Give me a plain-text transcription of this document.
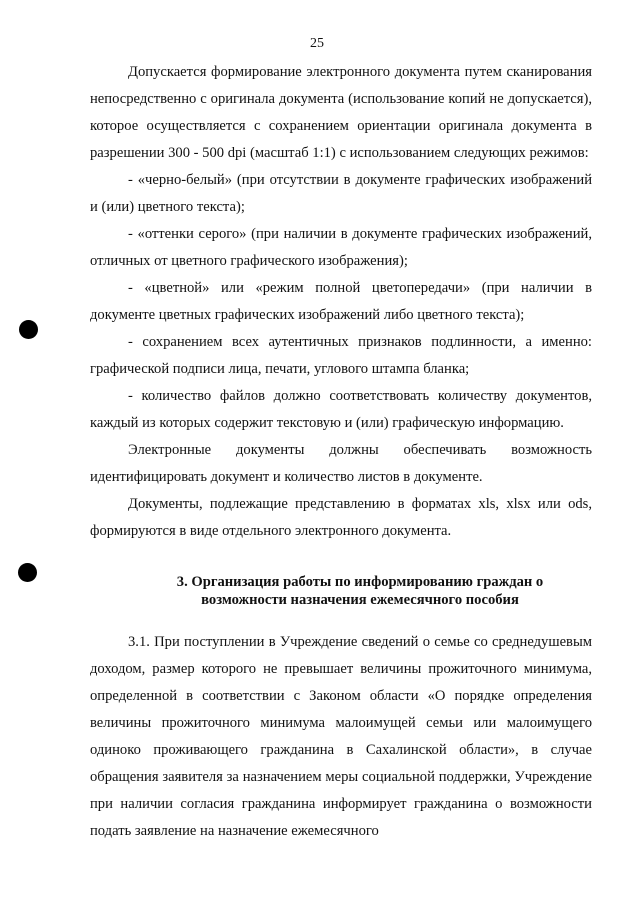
25

Допускается формирование электронного документа путем сканирования непосредственно с оригинала документа (использование копий не допускается), которое осуществляется с сохранением ориентации оригинала документа в разрешении 300 - 500 dpi (масштаб 1:1) с использованием следующих режимов:

- «черно-белый» (при отсутствии в документе графических изображений и (или) цветного текста);

- «оттенки серого» (при наличии в документе графических изображений, отличных от цветного графического изображения);

- «цветной» или «режим полной цветопередачи» (при наличии в документе цветных графических изображений либо цветного текста);

- сохранением всех аутентичных признаков подлинности, а именно: графической подписи лица, печати, углового штампа бланка;

- количество файлов должно соответствовать количеству документов, каждый из которых содержит текстовую и (или) графическую информацию.

Электронные документы должны обеспечивать возможность идентифицировать документ и количество листов в документе.

Документы, подлежащие представлению в форматах xls, xlsx или ods, формируются в виде отдельного электронного документа.

3. Организация работы по информированию граждан о
возможности назначения ежемесячного пособия

3.1. При поступлении в Учреждение сведений о семье со среднедушевым доходом, размер которого не превышает величины прожиточного минимума, определенной в соответствии с Законом области «О порядке определения величины прожиточного минимума малоимущей семьи или малоимущего одиноко проживающего гражданина в Сахалинской области», в случае обращения заявителя за назначением меры социальной поддержки, Учреждение при наличии согласия гражданина информирует гражданина о возможности подать заявление на назначение ежемесячного
